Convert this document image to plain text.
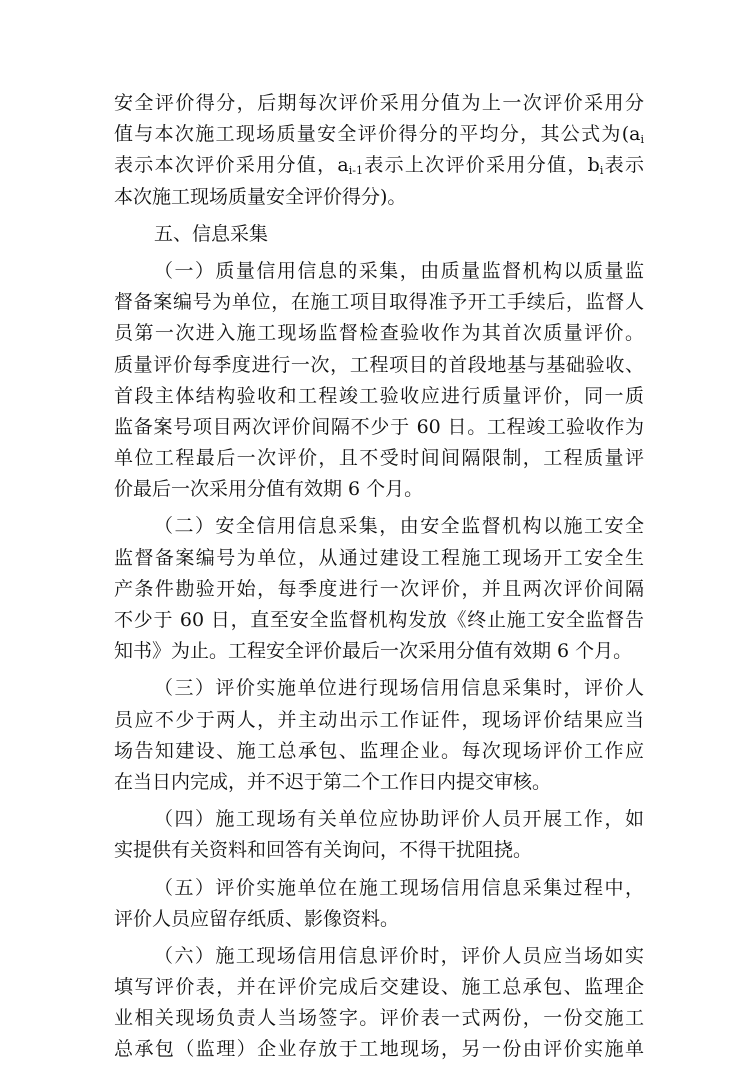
安全评价得分，后期每次评价采用分值为上一次评价采用分
值与本次施工现场质量安全评价得分的平均分，其公式为($a_i$
表示本次评价采用分值，$a_{i-1}$表示上次评价采用分值，$b_i$表示
本次施工现场质量安全评价得分)。
五、信息采集
（一）质量信用信息的采集，由质量监督机构以质量监
督备案编号为单位，在施工项目取得准予开工手续后，监督人
员第一次进入施工现场监督检查验收作为其首次质量评价。
质量评价每季度进行一次，工程项目的首段地基与基础验收、
首段主体结构验收和工程竣工验收应进行质量评价，同一质
监备案号项目两次评价间隔不少于 60 日。工程竣工验收作为
单位工程最后一次评价，且不受时间间隔限制，工程质量评
价最后一次采用分值有效期 6 个月。
（二）安全信用信息采集，由安全监督机构以施工安全
监督备案编号为单位，从通过建设工程施工现场开工安全生
产条件勘验开始，每季度进行一次评价，并且两次评价间隔
不少于 60 日，直至安全监督机构发放《终止施工安全监督告
知书》为止。工程安全评价最后一次采用分值有效期 6 个月。
（三）评价实施单位进行现场信用信息采集时，评价人
员应不少于两人，并主动出示工作证件，现场评价结果应当
场告知建设、施工总承包、监理企业。每次现场评价工作应
在当日内完成，并不迟于第二个工作日内提交审核。
（四）施工现场有关单位应协助评价人员开展工作，如
实提供有关资料和回答有关询问，不得干扰阻挠。
（五）评价实施单位在施工现场信用信息采集过程中，
评价人员应留存纸质、影像资料。
（六）施工现场信用信息评价时，评价人员应当场如实
填写评价表，并在评价完成后交建设、施工总承包、监理企
业相关现场负责人当场签字。评价表一式两份，一份交施工
总承包（监理）企业存放于工地现场，另一份由评价实施单
